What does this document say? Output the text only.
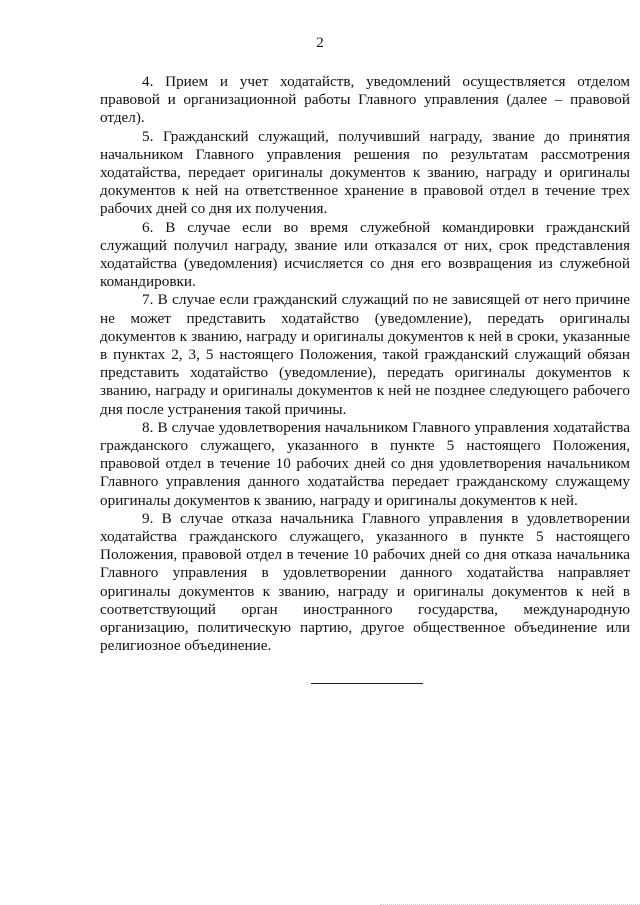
2

4. Прием и учет ходатайств, уведомлений осуществляется отделом правовой и организационной работы Главного управления (далее – правовой отдел).

5. Гражданский служащий, получивший награду, звание до принятия начальником Главного управления решения по результатам рассмотрения ходатайства, передает оригиналы документов к званию, награду и оригиналы документов к ней на ответственное хранение в правовой отдел в течение трех рабочих дней со дня их получения.

6. В случае если во время служебной командировки гражданский служащий получил награду, звание или отказался от них, срок представления ходатайства (уведомления) исчисляется со дня его возвращения из служебной командировки.

7. В случае если гражданский служащий по не зависящей от него причине не может представить ходатайство (уведомление), передать оригиналы документов к званию, награду и оригиналы документов к ней в сроки, указанные в пунктах 2, 3, 5 настоящего Положения, такой гражданский служащий обязан представить ходатайство (уведомление), передать оригиналы документов к званию, награду и оригиналы документов к ней не позднее следующего рабочего дня после устранения такой причины.

8. В случае удовлетворения начальником Главного управления ходатайства гражданского служащего, указанного в пункте 5 настоящего Положения, правовой отдел в течение 10 рабочих дней со дня удовлетворения начальником Главного управления данного ходатайства передает гражданскому служащему оригиналы документов к званию, награду и оригиналы документов к ней.

9. В случае отказа начальника Главного управления в удовлетворении ходатайства гражданского служащего, указанного в пункте 5 настоящего Положения, правовой отдел в течение 10 рабочих дней со дня отказа начальника Главного управления в удовлетворении данного ходатайства направляет оригиналы документов к званию, награду и оригиналы документов к ней в соответствующий орган иностранного государства, международную организацию, политическую партию, другое общественное объединение или религиозное объединение.
